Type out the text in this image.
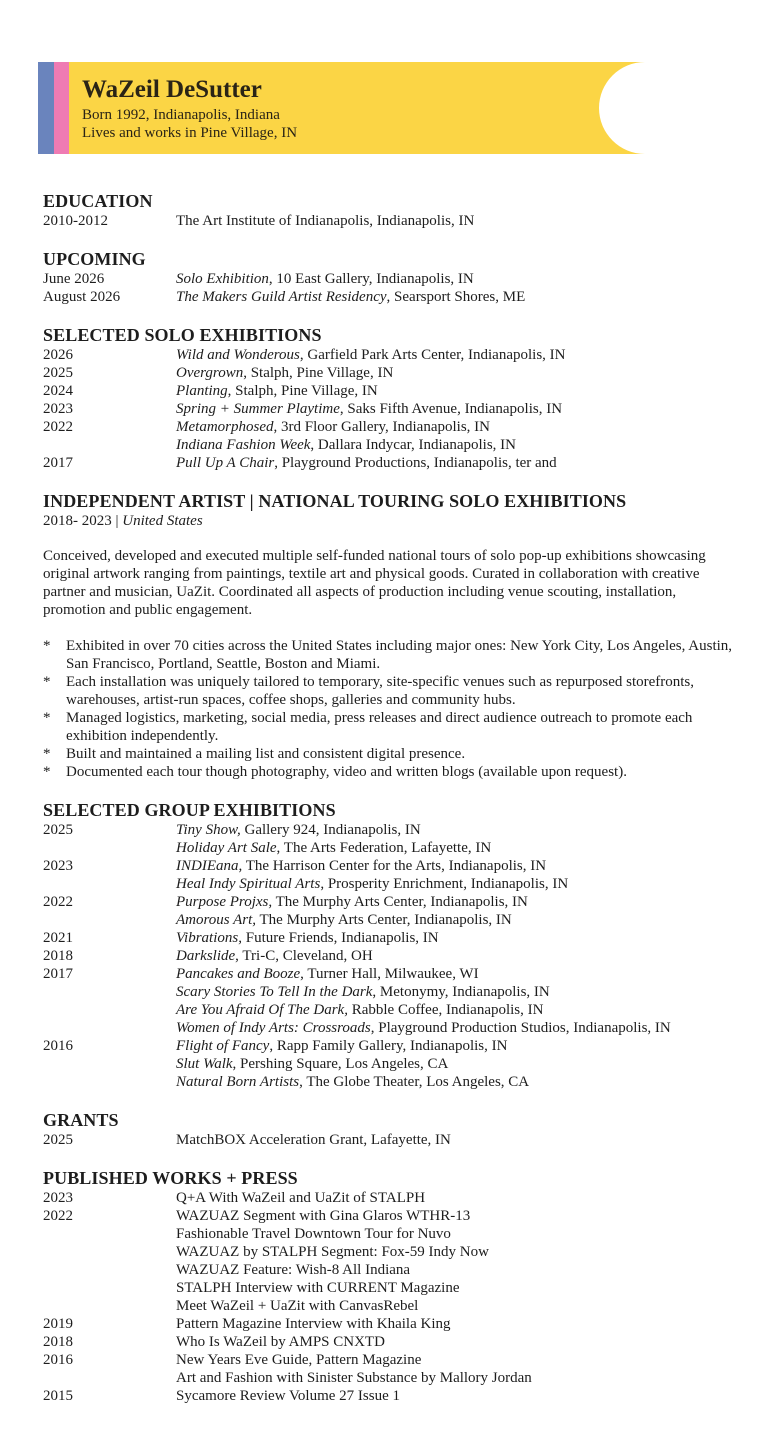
WaZeil DeSutter
Born 1992, Indianapolis, Indiana
Lives and works in Pine Village, IN
EDUCATION
2010-2012	The Art Institute of Indianapolis, Indianapolis, IN
UPCOMING
June 2026	Solo Exhibition, 10 East Gallery, Indianapolis, IN
August 2026	The Makers Guild Artist Residency, Searsport Shores, ME
SELECTED SOLO EXHIBITIONS
2026	Wild and Wonderous, Garfield Park Arts Center, Indianapolis, IN
2025	Overgrown, Stalph, Pine Village, IN
2024	Planting, Stalph, Pine Village, IN
2023	Spring + Summer Playtime, Saks Fifth Avenue, Indianapolis, IN
2022	Metamorphosed, 3rd Floor Gallery, Indianapolis, IN
Indiana Fashion Week, Dallara Indycar, Indianapolis, IN
2017	Pull Up A Chair, Playground Productions, Indianapolis, ter and
INDEPENDENT ARTIST | NATIONAL TOURING SOLO EXHIBITIONS
2018- 2023 | United States

Conceived, developed and executed multiple self-funded national tours of solo pop-up exhibitions showcasing original artwork ranging from paintings, textile art and physical goods. Curated in collaboration with creative partner and musician, UaZit. Coordinated all aspects of production including venue scouting, installation, promotion and public engagement.

* Exhibited in over 70 cities across the United States including major ones: New York City, Los Angeles, Austin, San Francisco, Portland, Seattle, Boston and Miami.
* Each installation was uniquely tailored to temporary, site-specific venues such as repurposed storefronts, warehouses, artist-run spaces, coffee shops, galleries and community hubs.
* Managed logistics, marketing, social media, press releases and direct audience outreach to promote each exhibition independently.
* Built and maintained a mailing list and consistent digital presence.
* Documented each tour though photography, video and written blogs (available upon request).
SELECTED GROUP EXHIBITIONS
2025	Tiny Show, Gallery 924, Indianapolis, IN
Holiday Art Sale, The Arts Federation, Lafayette, IN
2023	INDIEana, The Harrison Center for the Arts, Indianapolis, IN
Heal Indy Spiritual Arts, Prosperity Enrichment, Indianapolis, IN
2022	Purpose Projxs, The Murphy Arts Center, Indianapolis, IN
Amorous Art, The Murphy Arts Center, Indianapolis, IN
2021	Vibrations, Future Friends, Indianapolis, IN
2018	Darkslide, Tri-C, Cleveland, OH
2017	Pancakes and Booze, Turner Hall, Milwaukee, WI
Scary Stories To Tell In the Dark, Metonymy, Indianapolis, IN
Are You Afraid Of The Dark, Rabble Coffee, Indianapolis, IN
Women of Indy Arts: Crossroads, Playground Production Studios, Indianapolis, IN
2016	Flight of Fancy, Rapp Family Gallery, Indianapolis, IN
Slut Walk, Pershing Square, Los Angeles, CA
Natural Born Artists, The Globe Theater, Los Angeles, CA
GRANTS
2025	MatchBOX Acceleration Grant, Lafayette, IN
PUBLISHED WORKS + PRESS
2023	Q+A With WaZeil and UaZit of STALPH
2022	WAZUAZ Segment with Gina Glaros WTHR-13
Fashionable Travel Downtown Tour for Nuvo
WAZUAZ by STALPH Segment: Fox-59 Indy Now
WAZUAZ Feature: Wish-8 All Indiana
STALPH Interview with CURRENT Magazine
Meet WaZeil + UaZit with CanvasRebel
2019	Pattern Magazine Interview with Khaila King
2018	Who Is WaZeil by AMPS CNXTD
2016	New Years Eve Guide, Pattern Magazine
Art and Fashion with Sinister Substance by Mallory Jordan
2015	Sycamore Review Volume 27 Issue 1
